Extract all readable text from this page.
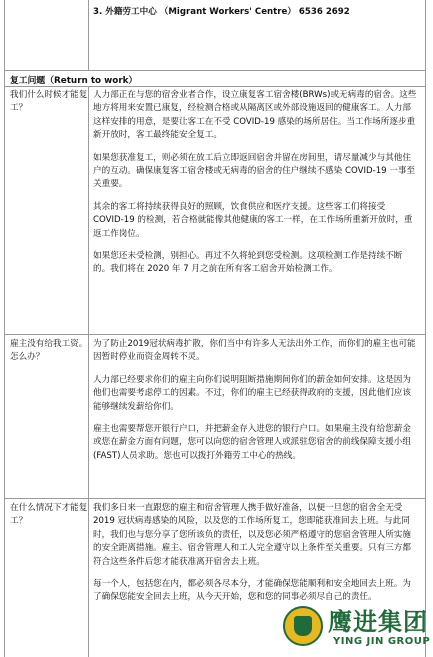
3. 外籍劳工中心 （Migrant Workers' Centre） 6536 2692
复工问题（Return to work）
我们什么时候才能复工？

人力部正在与您的宿舍业者合作，设立康复客工宿舍楼(BRWs)或无病毒的宿舍。这些地方将用来安置已康复，经检测合格或从隔离区或外部设施返回的健康客工。人力部这样安排的用意，是要让客工在不受 COVID-19 感染的场所居住。当工作场所逐步重新开放时，客工最终能安全复工。

如果您获准复工，则必须在放工后立即返回宿舍并留在房间里，请尽量减少与其他住户的互动。确保康复客工宿舍楼或无病毒的宿舍的住户继续不感染 COVID-19 一事至关重要。

其余的客工将持续获得良好的照顾，饮食供应和医疗支援。这些客工们将接受 COVID-19 的检测，若合格就能像其他健康的客工一样，在工作场所重新开放时，重返工作岗位。

如果您还未受检测，别担心。再过不久将轮到您受检测。这项检测工作是持续不断的。我们将在 2020 年 7 月之前在所有客工宿舍开始检测工作。

雇主没有给我工资。怎么办？

为了防止2019冠状病毒扩散，你们当中有许多人无法出外工作，而你们的雇主也可能因暂时停业而资金周转不灵。

人力部已经要求你们的雇主向你们说明阻断措施期间你们的薪金如何安排。这是因为他们也需要考虑停工的因素。不过，你们的雇主已经获得政府的支援，因此他们应该能够继续发薪给你们。

雇主也需要帮您开银行户口，并把薪金存入进您的银行户口。如果雇主没有给您薪金或您在薪金方面有问题，您可以向您的宿舍管理人或派驻您宿舍的前线保障支援小组(FAST)人员求助。您也可以拨打外籍劳工中心的热线。

在什么情况下才能复工？

我们多日来一直跟您的雇主和宿舍管理人携手做好准备，以便一旦您的宿舍全无受 2019 冠状病毒感染的风险，以及您的工作场所复工，您即能获准回去上班。与此同时，我们也与您分享了您所该负的责任，以及您必须严格遵守的您宿舍管理人所实施的安全距离措施。雇主、宿舍管理人和工人完全遵守以上条件至关重要。只有三方都符合这些条件后您才能获准离开宿舍去上班。

每一个人，包括您在内，都必须各尽本分，才能确保您能顺利和安全地回去上班。为了确保您能安全回去上班，从今天开始，您和您的同事必须尽自己的责任。

鹰进集团
YING JIN GROUP
